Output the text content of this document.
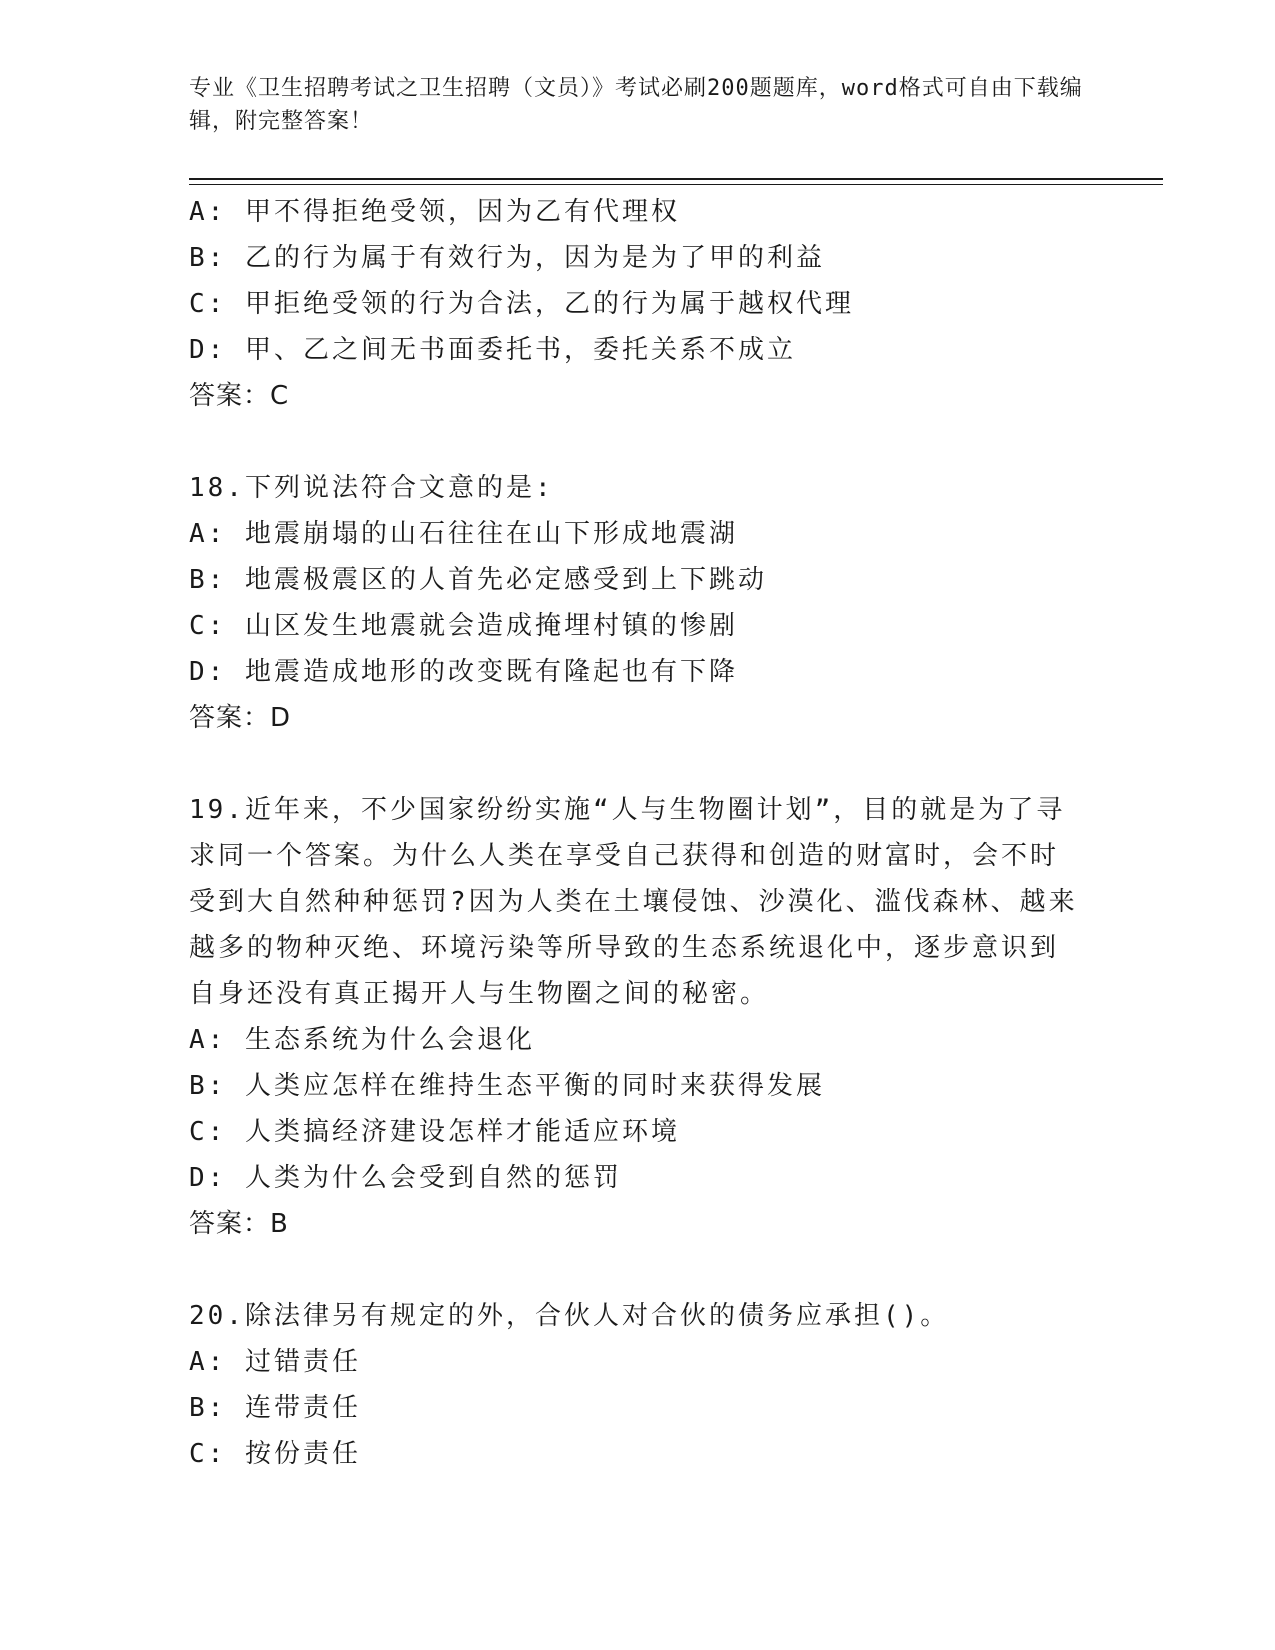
专业《卫生招聘考试之卫生招聘（文员）》考试必刷200题题库，word格式可自由下载编辑，附完整答案！
A: 甲不得拒绝受领，因为乙有代理权
B: 乙的行为属于有效行为，因为是为了甲的利益
C: 甲拒绝受领的行为合法，乙的行为属于越权代理
D: 甲、乙之间无书面委托书，委托关系不成立
答案：C
18.下列说法符合文意的是:
A: 地震崩塌的山石往往在山下形成地震湖
B: 地震极震区的人首先必定感受到上下跳动
C: 山区发生地震就会造成掩埋村镇的惨剧
D: 地震造成地形的改变既有隆起也有下降
答案：D
19.近年来，不少国家纷纷实施“人与生物圈计划”，目的就是为了寻求同一个答案。为什么人类在享受自己获得和创造的财富时，会不时受到大自然种种惩罚?因为人类在土壤侵蚀、沙漠化、滥伐森林、越来越多的物种灭绝、环境污染等所导致的生态系统退化中，逐步意识到自身还没有真正揭开人与生物圈之间的秘密。
A: 生态系统为什么会退化
B: 人类应怎样在维持生态平衡的同时来获得发展
C: 人类搞经济建设怎样才能适应环境
D: 人类为什么会受到自然的惩罚
答案：B
20.除法律另有规定的外，合伙人对合伙的债务应承担()。
A: 过错责任
B: 连带责任
C: 按份责任
